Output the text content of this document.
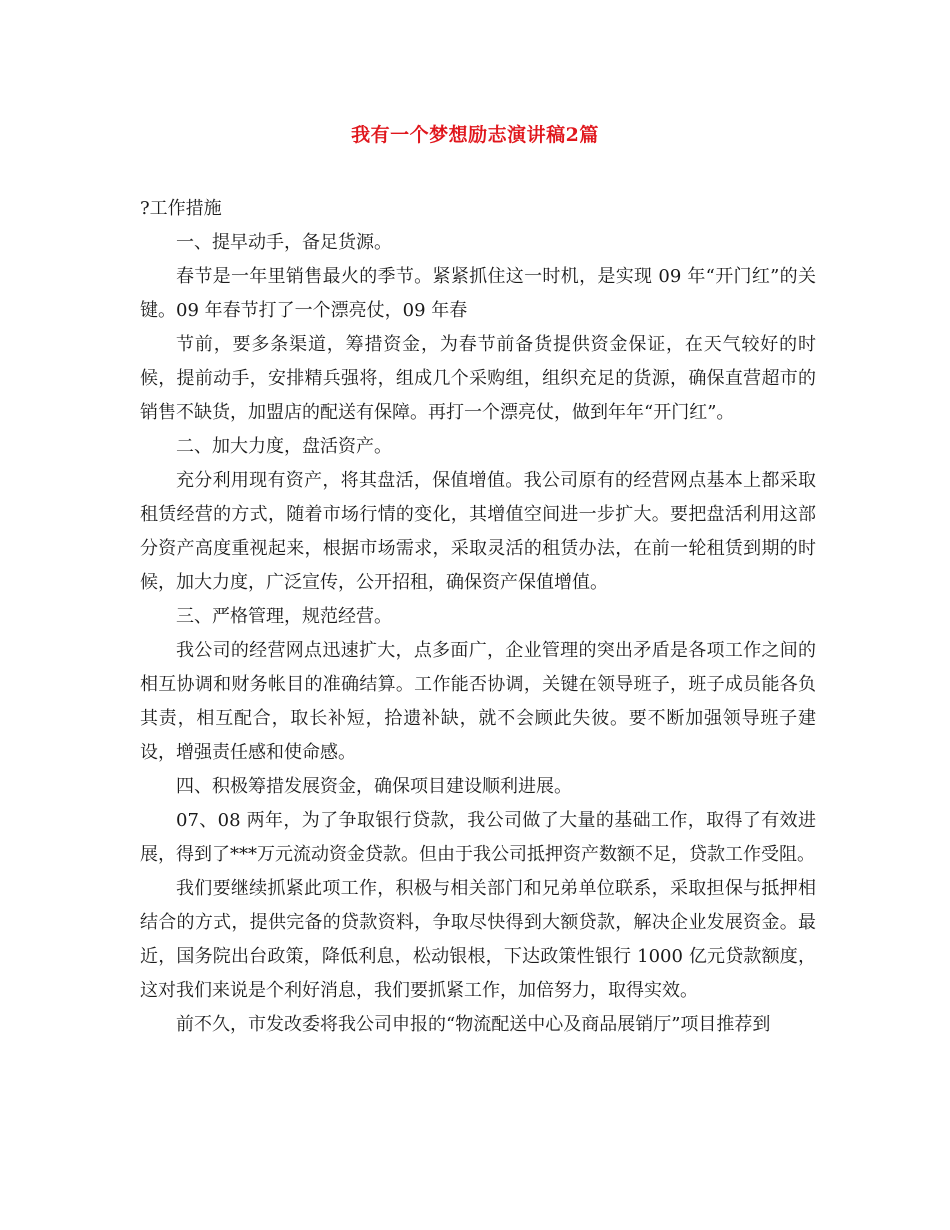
我有一个梦想励志演讲稿2篇

?工作措施

一、提早动手，备足货源。

春节是一年里销售最火的季节。紧紧抓住这一时机，是实现 09 年“开门红”的关键。09 年春节打了一个漂亮仗，09 年春

节前，要多条渠道，筹措资金，为春节前备货提供资金保证，在天气较好的时候，提前动手，安排精兵强将，组成几个采购组，组织充足的货源，确保直营超市的销售不缺货，加盟店的配送有保障。再打一个漂亮仗，做到年年“开门红”。

二、加大力度，盘活资产。

充分利用现有资产，将其盘活，保值增值。我公司原有的经营网点基本上都采取租赁经营的方式，随着市场行情的变化，其增值空间进一步扩大。要把盘活利用这部分资产高度重视起来，根据市场需求，采取灵活的租赁办法，在前一轮租赁到期的时候，加大力度，广泛宣传，公开招租，确保资产保值增值。

三、严格管理，规范经营。

我公司的经营网点迅速扩大，点多面广，企业管理的突出矛盾是各项工作之间的相互协调和财务帐目的准确结算。工作能否协调，关键在领导班子，班子成员能各负其责，相互配合，取长补短，拾遗补缺，就不会顾此失彼。要不断加强领导班子建设，增强责任感和使命感。

四、积极筹措发展资金，确保项目建设顺利进展。

07、08 两年，为了争取银行贷款，我公司做了大量的基础工作，取得了有效进展，得到了***万元流动资金贷款。但由于我公司抵押资产数额不足，贷款工作受阻。

我们要继续抓紧此项工作，积极与相关部门和兄弟单位联系，采取担保与抵押相结合的方式，提供完备的贷款资料，争取尽快得到大额贷款，解决企业发展资金。最近，国务院出台政策，降低利息，松动银根，下达政策性银行 1000 亿元贷款额度，这对我们来说是个利好消息，我们要抓紧工作，加倍努力，取得实效。

前不久，市发改委将我公司申报的“物流配送中心及商品展销厅”项目推荐到
